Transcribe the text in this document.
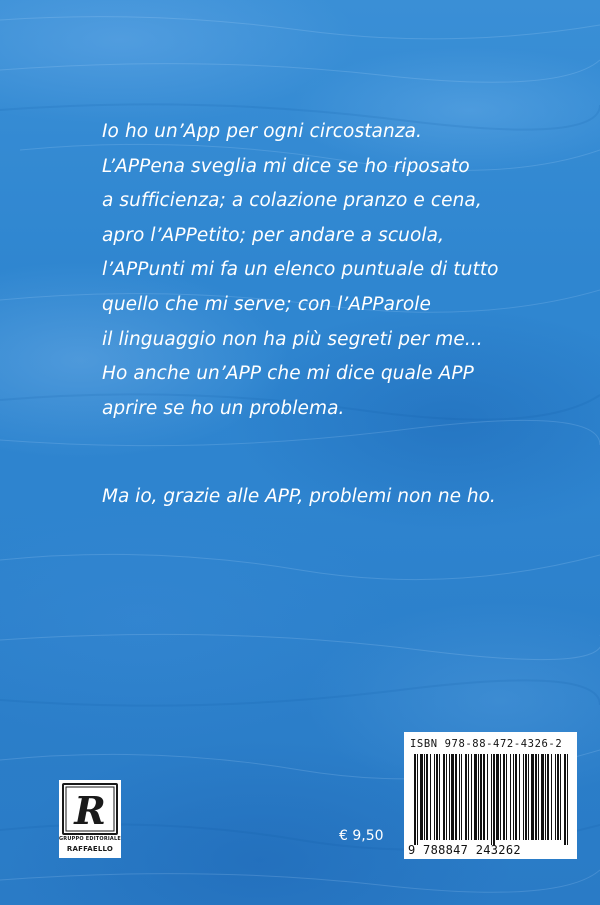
Io ho un’App per ogni circostanza.
L’APPena sveglia mi dice se ho riposato
a sufficienza; a colazione pranzo e cena,
apro l’APPetito; per andare a scuola,
l’APPunti mi fa un elenco puntuale di tutto
quello che mi serve; con l’APParole
il linguaggio non ha più segreti per me...
Ho anche un’APP che mi dice quale APP
aprire se ho un problema.
Ma io, grazie alle APP, problemi non ne ho.
R
GRUPPO EDITORIALE
RAFFAELLO
€ 9,50
ISBN 978-88-472-4326-2
9 788847 243262
